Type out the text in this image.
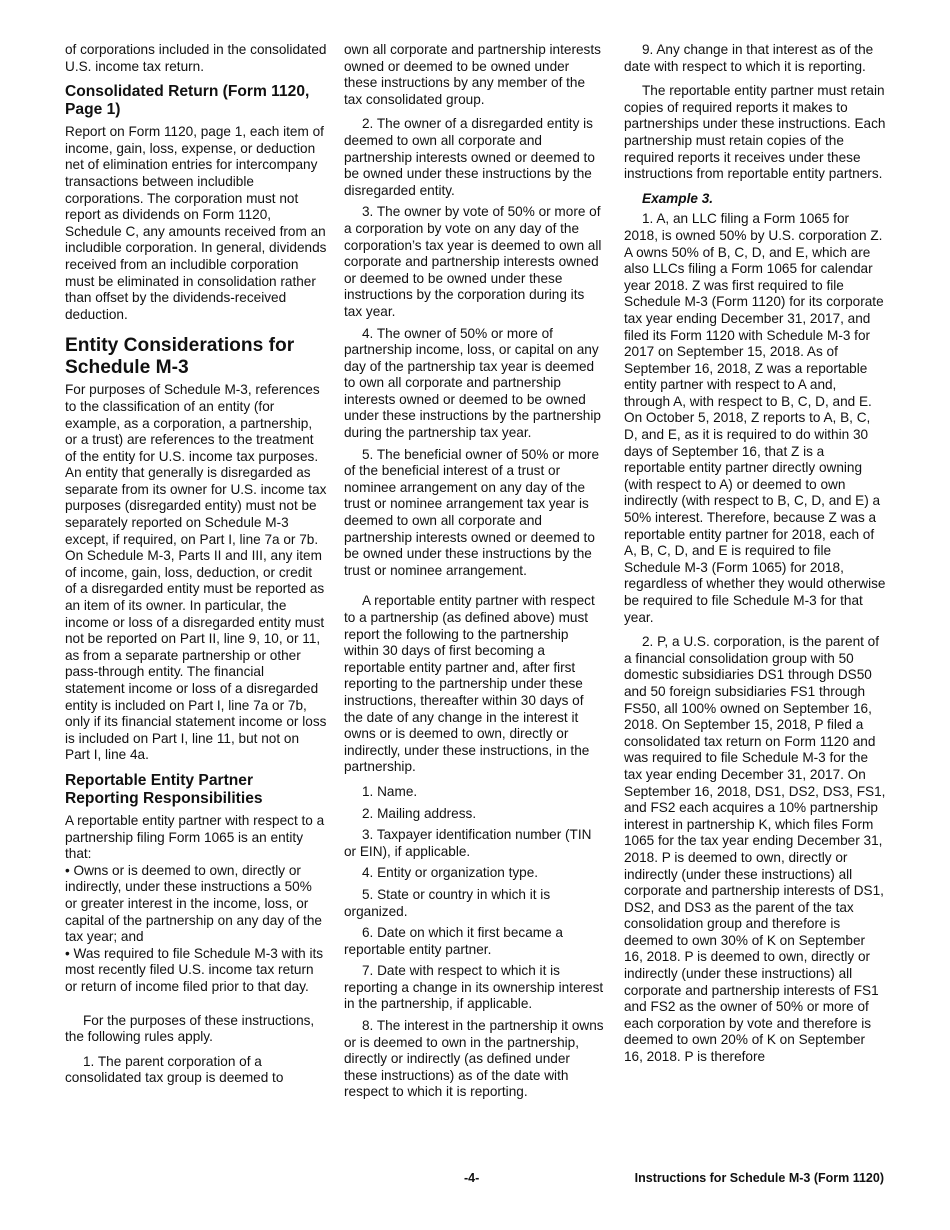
of corporations included in the consolidated U.S. income tax return.

Consolidated Return (Form 1120, Page 1)

Report on Form 1120, page 1, each item of income, gain, loss, expense, or deduction net of elimination entries for intercompany transactions between includible corporations. The corporation must not report as dividends on Form 1120, Schedule C, any amounts received from an includible corporation. In general, dividends received from an includible corporation must be eliminated in consolidation rather than offset by the dividends-received deduction.

Entity Considerations for Schedule M-3

For purposes of Schedule M-3, references to the classification of an entity (for example, as a corporation, a partnership, or a trust) are references to the treatment of the entity for U.S. income tax purposes. An entity that generally is disregarded as separate from its owner for U.S. income tax purposes (disregarded entity) must not be separately reported on Schedule M-3 except, if required, on Part I, line 7a or 7b. On Schedule M-3, Parts II and III, any item of income, gain, loss, deduction, or credit of a disregarded entity must be reported as an item of its owner. In particular, the income or loss of a disregarded entity must not be reported on Part II, line 9, 10, or 11, as from a separate partnership or other pass-through entity. The financial statement income or loss of a disregarded entity is included on Part I, line 7a or 7b, only if its financial statement income or loss is included on Part I, line 11, but not on Part I, line 4a.

Reportable Entity Partner Reporting Responsibilities

A reportable entity partner with respect to a partnership filing Form 1065 is an entity that:

• Owns or is deemed to own, directly or indirectly, under these instructions a 50% or greater interest in the income, loss, or capital of the partnership on any day of the tax year; and

• Was required to file Schedule M-3 with its most recently filed U.S. income tax return or return of income filed prior to that day.

For the purposes of these instructions, the following rules apply.

1. The parent corporation of a consolidated tax group is deemed to

own all corporate and partnership interests owned or deemed to be owned under these instructions by any member of the tax consolidated group.

2. The owner of a disregarded entity is deemed to own all corporate and partnership interests owned or deemed to be owned under these instructions by the disregarded entity.

3. The owner by vote of 50% or more of a corporation by vote on any day of the corporation’s tax year is deemed to own all corporate and partnership interests owned or deemed to be owned under these instructions by the corporation during its tax year.

4. The owner of 50% or more of partnership income, loss, or capital on any day of the partnership tax year is deemed to own all corporate and partnership interests owned or deemed to be owned under these instructions by the partnership during the partnership tax year.

5. The beneficial owner of 50% or more of the beneficial interest of a trust or nominee arrangement on any day of the trust or nominee arrangement tax year is deemed to own all corporate and partnership interests owned or deemed to be owned under these instructions by the trust or nominee arrangement.

A reportable entity partner with respect to a partnership (as defined above) must report the following to the partnership within 30 days of first becoming a reportable entity partner and, after first reporting to the partnership under these instructions, thereafter within 30 days of the date of any change in the interest it owns or is deemed to own, directly or indirectly, under these instructions, in the partnership.

1. Name.

2. Mailing address.

3. Taxpayer identification number (TIN or EIN), if applicable.

4. Entity or organization type.

5. State or country in which it is organized.

6. Date on which it first became a reportable entity partner.

7. Date with respect to which it is reporting a change in its ownership interest in the partnership, if applicable.

8. The interest in the partnership it owns or is deemed to own in the partnership, directly or indirectly (as defined under these instructions) as of the date with respect to which it is reporting.

9. Any change in that interest as of the date with respect to which it is reporting.

The reportable entity partner must retain copies of required reports it makes to partnerships under these instructions. Each partnership must retain copies of the required reports it receives under these instructions from reportable entity partners.

Example 3.

1. A, an LLC filing a Form 1065 for 2018, is owned 50% by U.S. corporation Z. A owns 50% of B, C, D, and E, which are also LLCs filing a Form 1065 for calendar year 2018. Z was first required to file Schedule M-3 (Form 1120) for its corporate tax year ending December 31, 2017, and filed its Form 1120 with Schedule M-3 for 2017 on September 15, 2018. As of September 16, 2018, Z was a reportable entity partner with respect to A and, through A, with respect to B, C, D, and E. On October 5, 2018, Z reports to A, B, C, D, and E, as it is required to do within 30 days of September 16, that Z is a reportable entity partner directly owning (with respect to A) or deemed to own indirectly (with respect to B, C, D, and E) a 50% interest. Therefore, because Z was a reportable entity partner for 2018, each of A, B, C, D, and E is required to file Schedule M-3 (Form 1065) for 2018, regardless of whether they would otherwise be required to file Schedule M-3 for that year.

2. P, a U.S. corporation, is the parent of a financial consolidation group with 50 domestic subsidiaries DS1 through DS50 and 50 foreign subsidiaries FS1 through FS50, all 100% owned on September 16, 2018. On September 15, 2018, P filed a consolidated tax return on Form 1120 and was required to file Schedule M-3 for the tax year ending December 31, 2017. On September 16, 2018, DS1, DS2, DS3, FS1, and FS2 each acquires a 10% partnership interest in partnership K, which files Form 1065 for the tax year ending December 31, 2018. P is deemed to own, directly or indirectly (under these instructions) all corporate and partnership interests of DS1, DS2, and DS3 as the parent of the tax consolidation group and therefore is deemed to own 30% of K on September 16, 2018. P is deemed to own, directly or indirectly (under these instructions) all corporate and partnership interests of FS1 and FS2 as the owner of 50% or more of each corporation by vote and therefore is deemed to own 20% of K on September 16, 2018. P is therefore

-4-	Instructions for Schedule M-3 (Form 1120)
